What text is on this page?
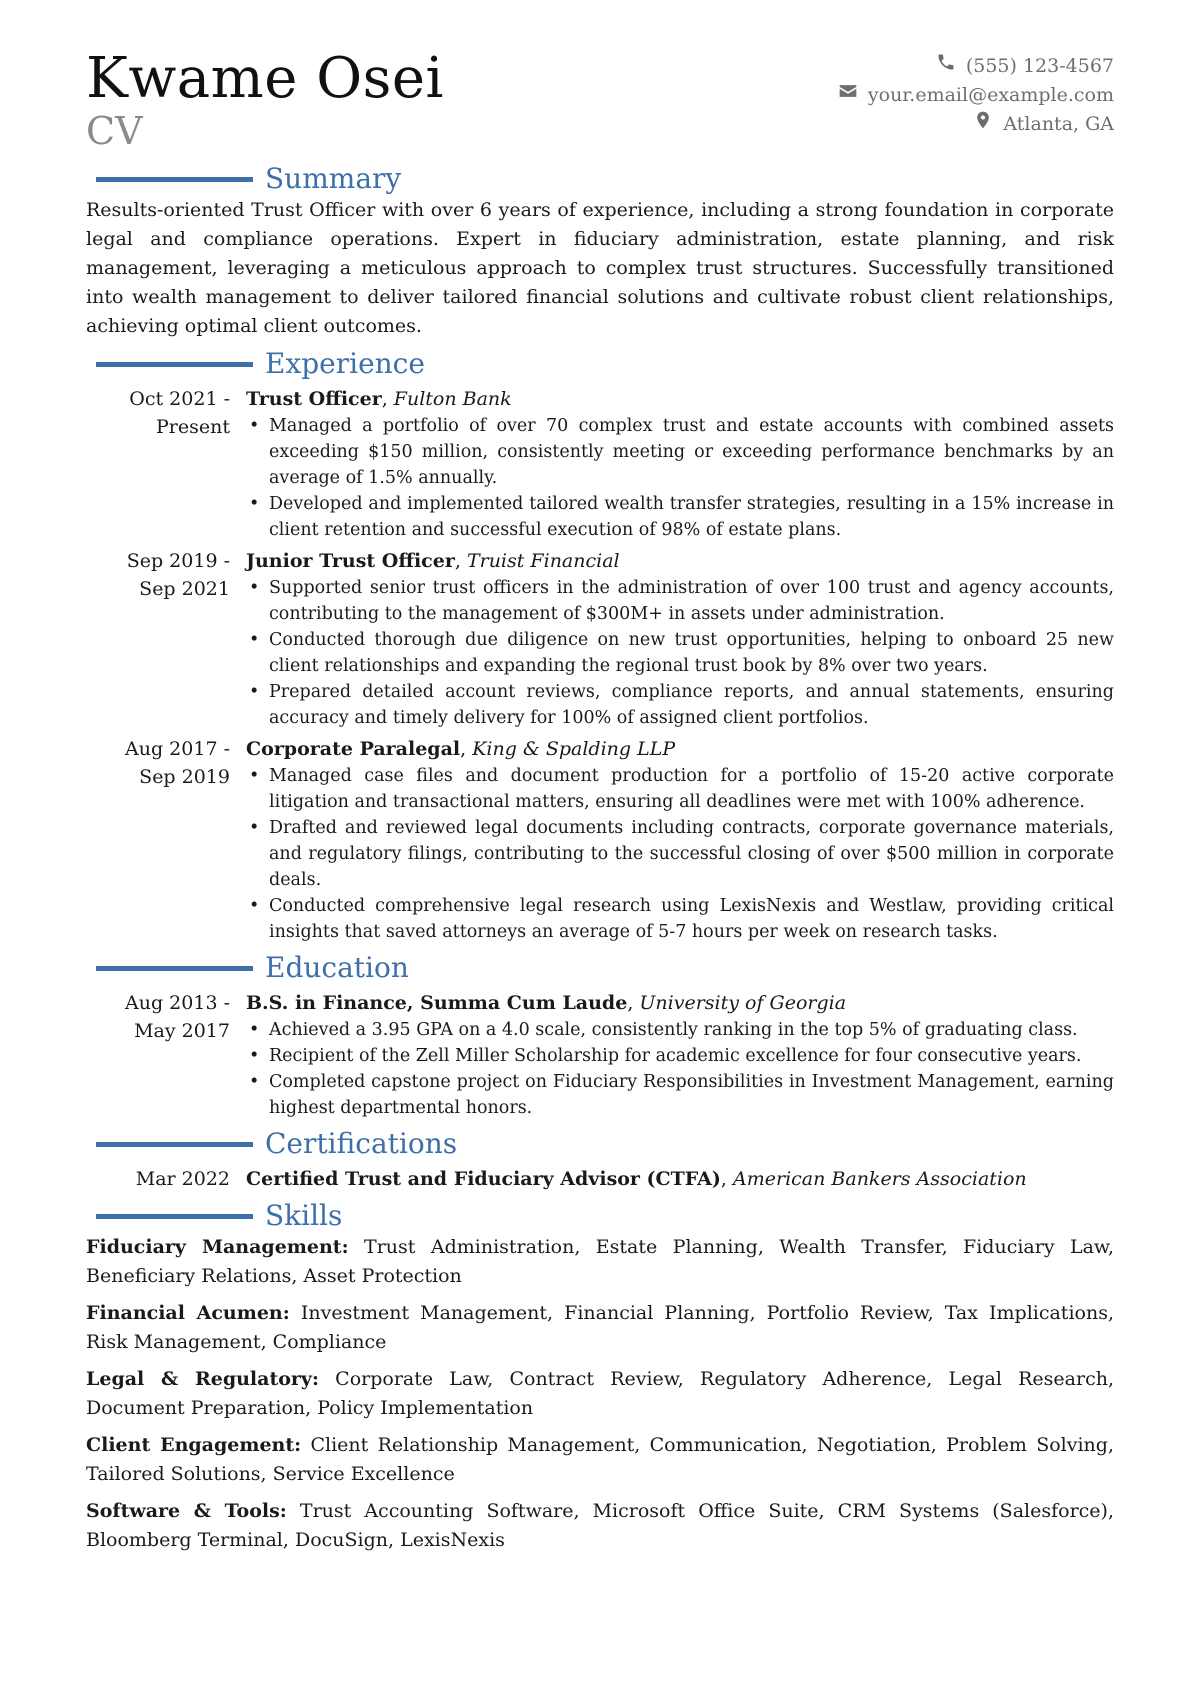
Kwame Osei
CV
(555) 123-4567
your.email@example.com
Atlanta, GA
Summary

Results-oriented Trust Officer with over 6 years of experience, including a strong foundation in corporate legal and compliance operations. Expert in fiduciary administration, estate planning, and risk management, leveraging a meticulous approach to complex trust structures. Successfully transitioned into wealth management to deliver tailored financial solutions and cultivate robust client relationships, achieving optimal client outcomes.

Experience
Oct 2021 - Present
Trust Officer, Fulton Bank
• Managed a portfolio of over 70 complex trust and estate accounts with combined assets exceeding $150 million, consistently meeting or exceeding performance benchmarks by an average of 1.5% annually.
• Developed and implemented tailored wealth transfer strategies, resulting in a 15% increase in client retention and successful execution of 98% of estate plans.
Sep 2019 - Sep 2021
Junior Trust Officer, Truist Financial
• Supported senior trust officers in the administration of over 100 trust and agency accounts, contributing to the management of $300M+ in assets under administration.
• Conducted thorough due diligence on new trust opportunities, helping to onboard 25 new client relationships and expanding the regional trust book by 8% over two years.
• Prepared detailed account reviews, compliance reports, and annual statements, ensuring accuracy and timely delivery for 100% of assigned client portfolios.
Aug 2017 - Sep 2019
Corporate Paralegal, King & Spalding LLP
• Managed case files and document production for a portfolio of 15-20 active corporate litigation and transactional matters, ensuring all deadlines were met with 100% adherence.
• Drafted and reviewed legal documents including contracts, corporate governance materials, and regulatory filings, contributing to the successful closing of over $500 million in corporate deals.
• Conducted comprehensive legal research using LexisNexis and Westlaw, providing critical insights that saved attorneys an average of 5-7 hours per week on research tasks.
Education
Aug 2013 - May 2017
B.S. in Finance, Summa Cum Laude, University of Georgia
• Achieved a 3.95 GPA on a 4.0 scale, consistently ranking in the top 5% of graduating class.
• Recipient of the Zell Miller Scholarship for academic excellence for four consecutive years.
• Completed capstone project on Fiduciary Responsibilities in Investment Management, earning highest departmental honors.
Certifications
Mar 2022 Certified Trust and Fiduciary Advisor (CTFA), American Bankers Association
Skills
Fiduciary Management: Trust Administration, Estate Planning, Wealth Transfer, Fiduciary Law, Beneficiary Relations, Asset Protection
Financial Acumen: Investment Management, Financial Planning, Portfolio Review, Tax Implications, Risk Management, Compliance
Legal & Regulatory: Corporate Law, Contract Review, Regulatory Adherence, Legal Research, Document Preparation, Policy Implementation
Client Engagement: Client Relationship Management, Communication, Negotiation, Problem Solving, Tailored Solutions, Service Excellence
Software & Tools: Trust Accounting Software, Microsoft Office Suite, CRM Systems (Salesforce), Bloomberg Terminal, DocuSign, LexisNexis
